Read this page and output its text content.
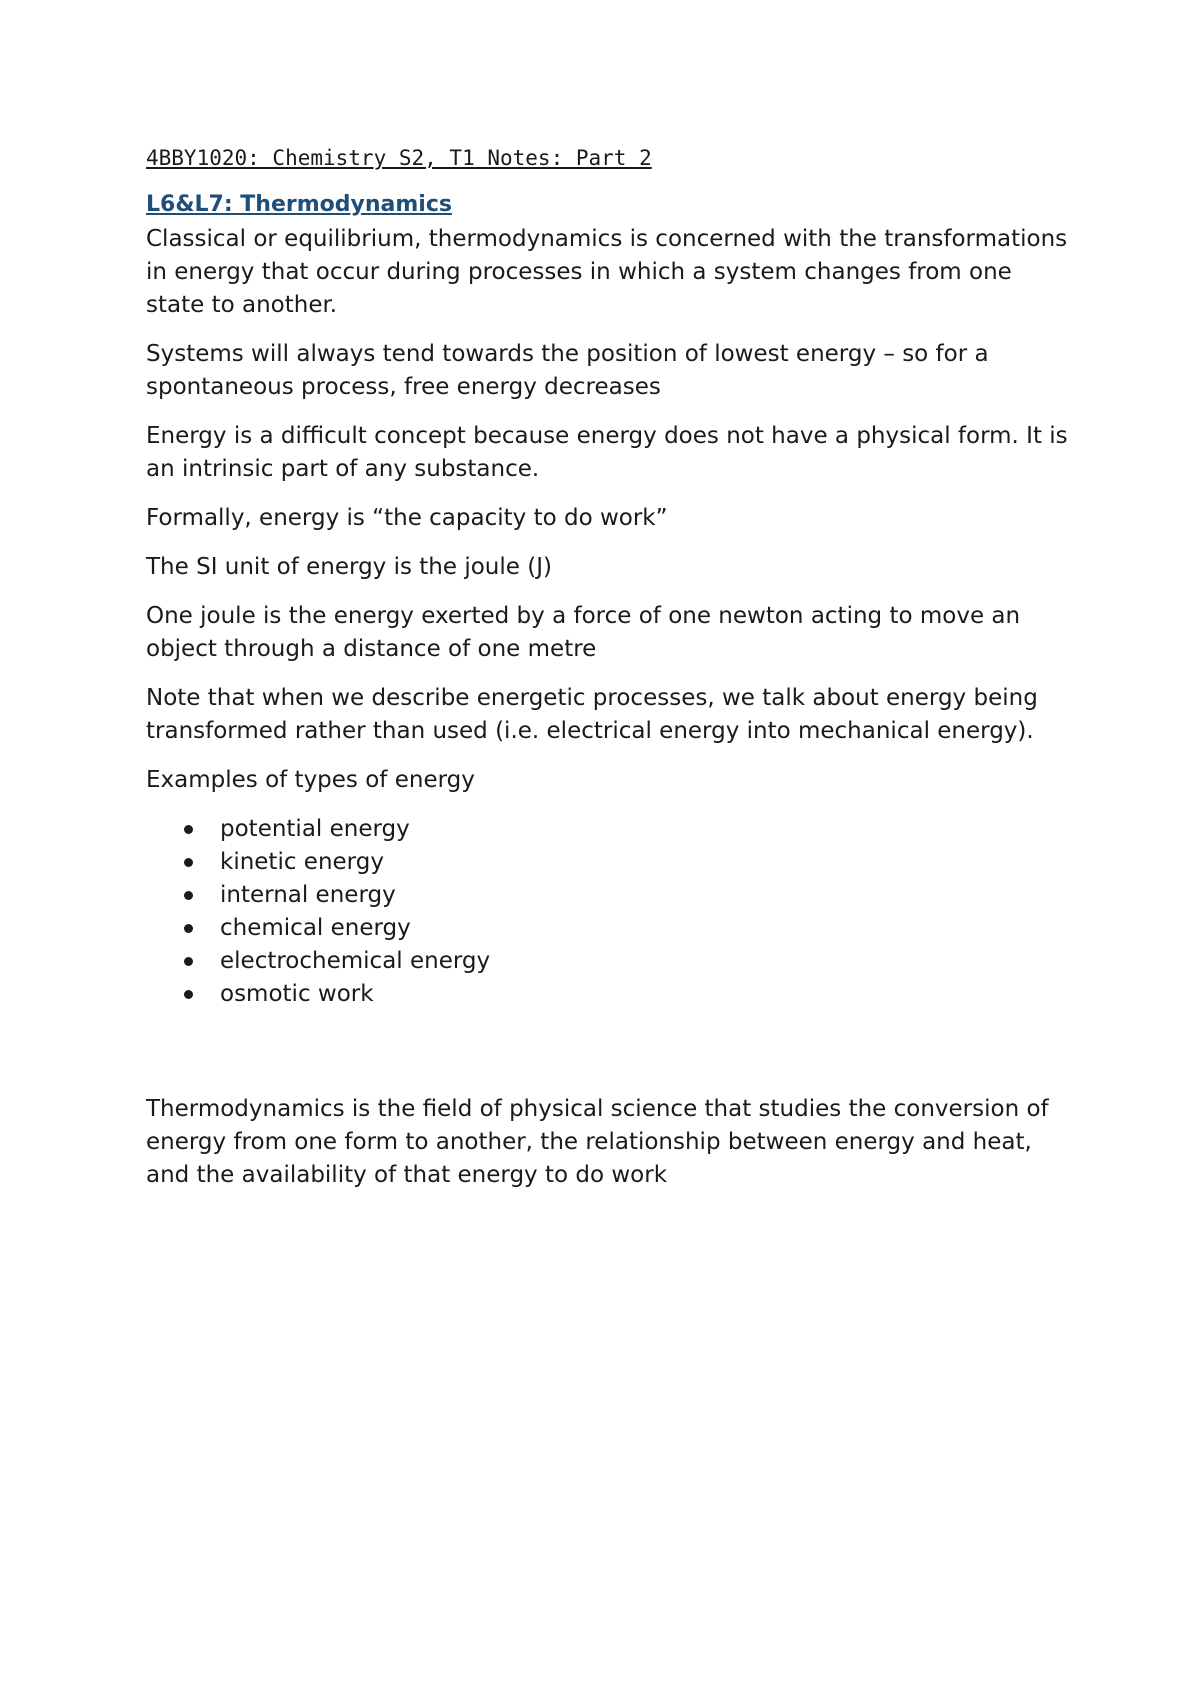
4BBY1020: Chemistry S2, T1 Notes: Part 2
L6&L7: Thermodynamics

Classical or equilibrium, thermodynamics is concerned with the transformations in energy that occur during processes in which a system changes from one state to another.

Systems will always tend towards the position of lowest energy – so for a spontaneous process, free energy decreases

Energy is a difficult concept because energy does not have a physical form. It is an intrinsic part of any substance.

Formally, energy is “the capacity to do work”

The SI unit of energy is the joule (J)

One joule is the energy exerted by a force of one newton acting to move an object through a distance of one metre

Note that when we describe energetic processes, we talk about energy being transformed rather than used (i.e. electrical energy into mechanical energy).

Examples of types of energy

potential energy
kinetic energy
internal energy
chemical energy
electrochemical energy
osmotic work

Thermodynamics is the field of physical science that studies the conversion of energy from one form to another, the relationship between energy and heat, and the availability of that energy to do work
